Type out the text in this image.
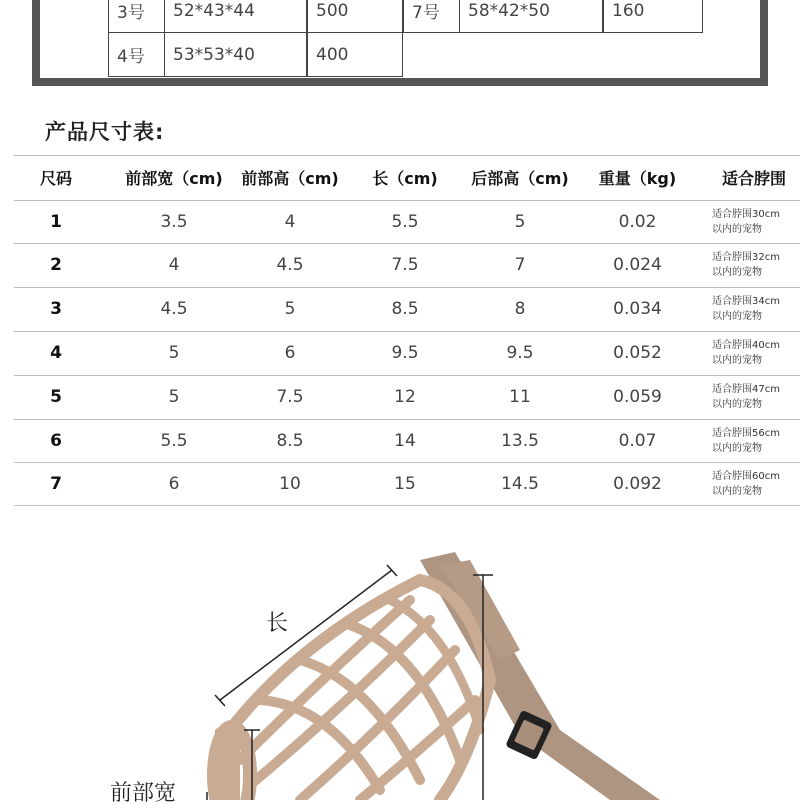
3号	52*43*44	500
4号	53*53*40	400
7号	58*42*50	160
产品尺寸表:
尺码	前部宽（cm)	前部高（cm)	长（cm)	后部高（cm)	重量（kg)	适合脖围
1	3.5	4	5.5	5	0.02	适合脖围30cm
以内的宠物
2	4	4.5	7.5	7	0.024	适合脖围32cm
以内的宠物
3	4.5	5	8.5	8	0.034	适合脖围34cm
以内的宠物
4	5	6	9.5	9.5	0.052	适合脖围40cm
以内的宠物
5	5	7.5	12	11	0.059	适合脖围47cm
以内的宠物
6	5.5	8.5	14	13.5	0.07	适合脖围56cm
以内的宠物
7	6	10	15	14.5	0.092	适合脖围60cm
以内的宠物
长
前部宽
